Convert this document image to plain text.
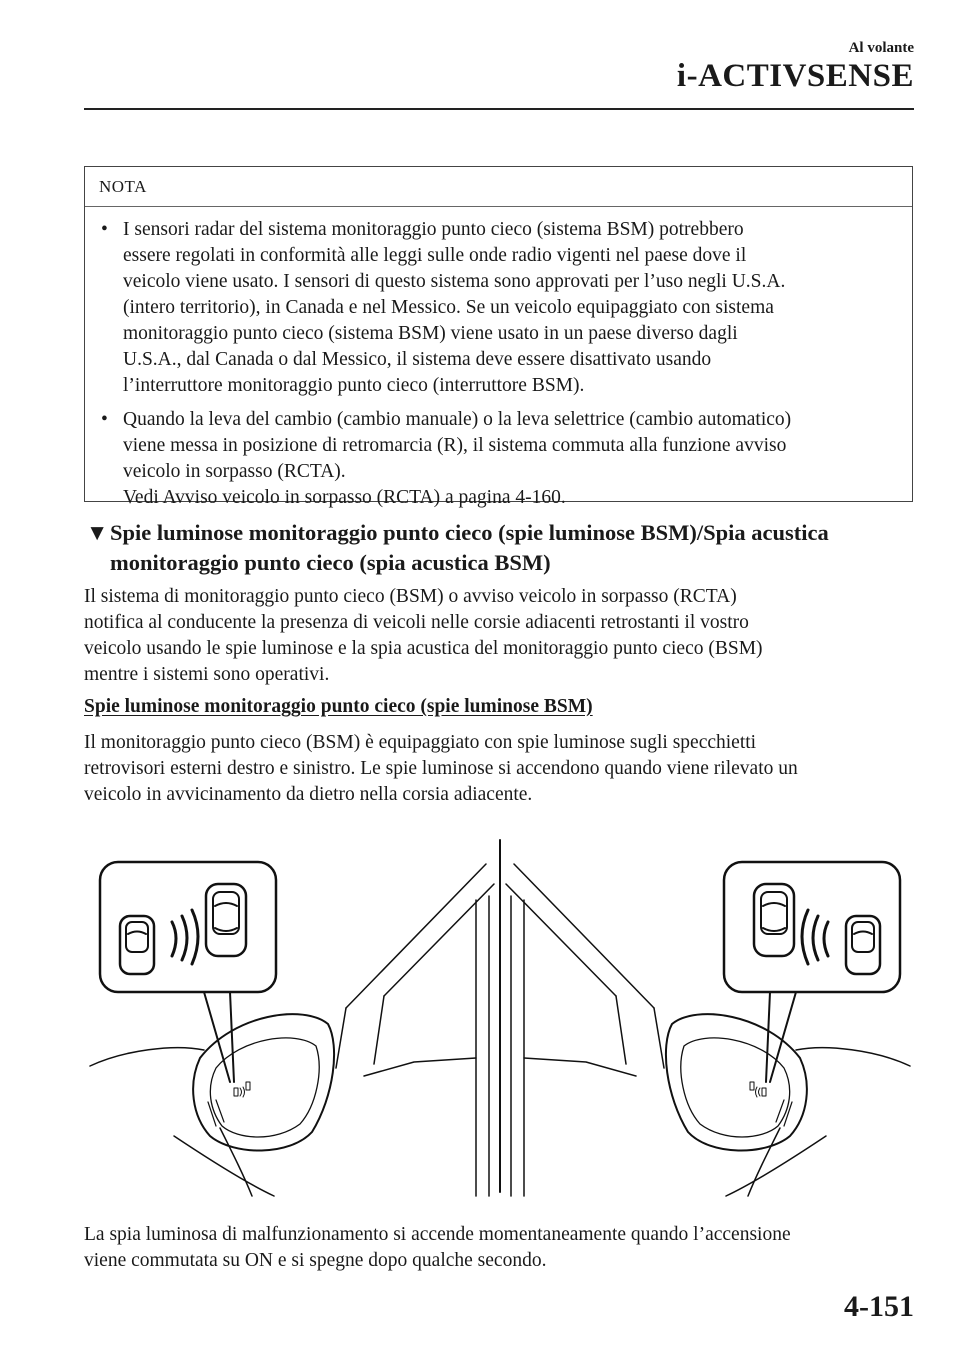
Al volante
i-ACTIVSENSE
NOTA
• I sensori radar del sistema monitoraggio punto cieco (sistema BSM) potrebbero
essere regolati in conformità alle leggi sulle onde radio vigenti nel paese dove il
veicolo viene usato. I sensori di questo sistema sono approvati per l’uso negli U.S.A.
(intero territorio), in Canada e nel Messico. Se un veicolo equipaggiato con sistema
monitoraggio punto cieco (sistema BSM) viene usato in un paese diverso dagli
U.S.A., dal Canada o dal Messico, il sistema deve essere disattivato usando
l’interruttore monitoraggio punto cieco (interruttore BSM).
• Quando la leva del cambio (cambio manuale) o la leva selettrice (cambio automatico)
viene messa in posizione di retromarcia (R), il sistema commuta alla funzione avviso
veicolo in sorpasso (RCTA).
Vedi Avviso veicolo in sorpasso (RCTA) a pagina 4-160.
▼ Spie luminose monitoraggio punto cieco (spie luminose BSM)/Spia acustica
monitoraggio punto cieco (spia acustica BSM)

Il sistema di monitoraggio punto cieco (BSM) o avviso veicolo in sorpasso (RCTA)
notifica al conducente la presenza di veicoli nelle corsie adiacenti retrostanti il vostro
veicolo usando le spie luminose e la spia acustica del monitoraggio punto cieco (BSM)
mentre i sistemi sono operativi.

Spie luminose monitoraggio punto cieco (spie luminose BSM)

Il monitoraggio punto cieco (BSM) è equipaggiato con spie luminose sugli specchietti
retrovisori esterni destro e sinistro. Le spie luminose si accendono quando viene rilevato un
veicolo in avvicinamento da dietro nella corsia adiacente.

La spia luminosa di malfunzionamento si accende momentaneamente quando l’accensione
viene commutata su ON e si spegne dopo qualche secondo.

4-151
